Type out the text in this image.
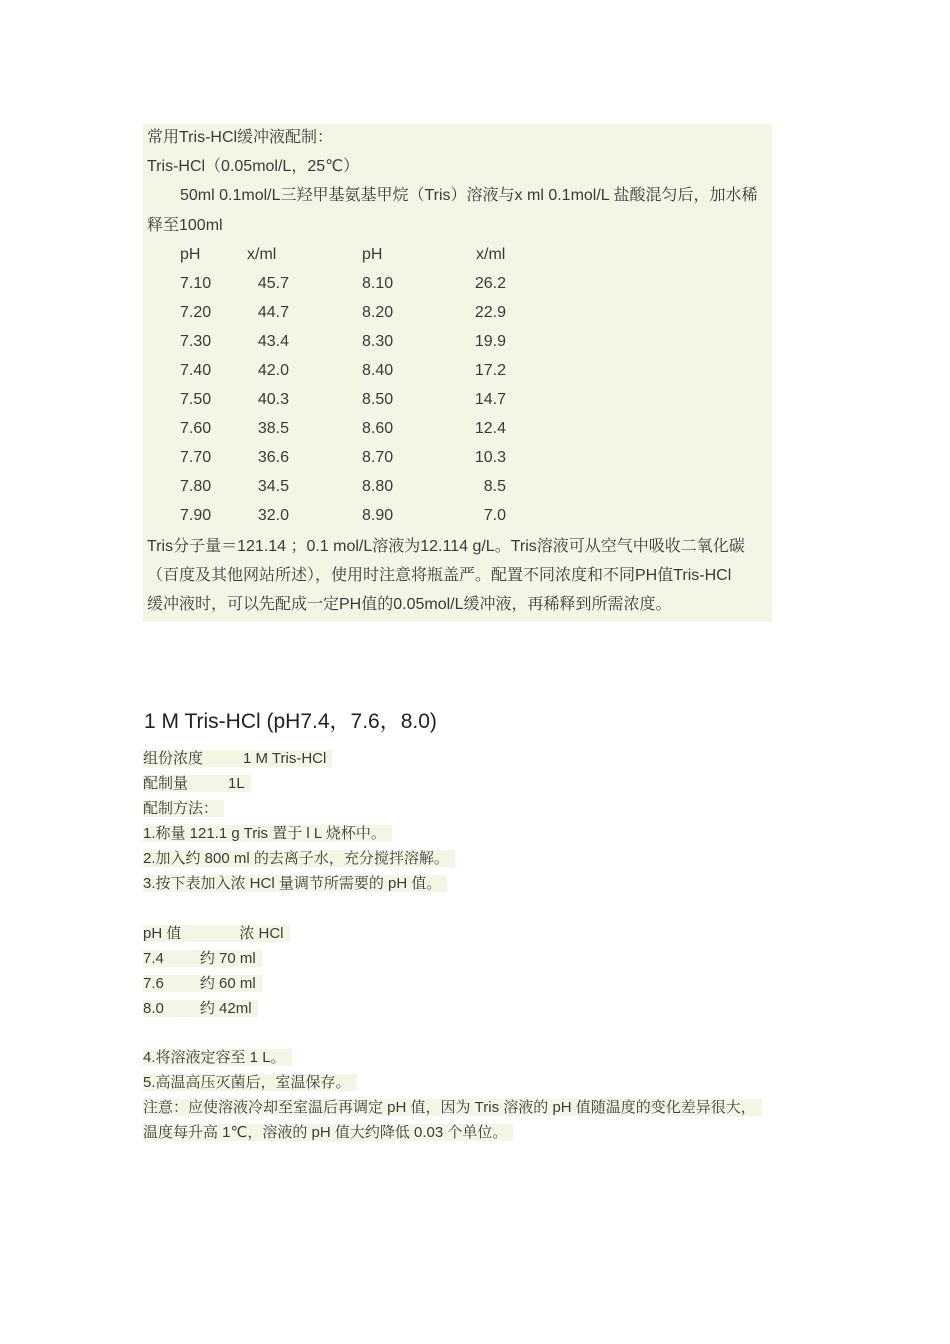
常用Tris-HCl缓冲液配制：
Tris-HCl（0.05mol/L，25℃）
50ml 0.1mol/L三羟甲基氨基甲烷（Tris）溶液与x ml 0.1mol/L 盐酸混匀后，加水稀
释至100ml
pH	x/ml	pH	x/ml
7.10	45.7	8.10	26.2
7.20	44.7	8.20	22.9
7.30	43.4	8.30	19.9
7.40	42.0	8.40	17.2
7.50	40.3	8.50	14.7
7.60	38.5	8.60	12.4
7.70	36.6	8.70	10.3
7.80	34.5	8.80	8.5
7.90	32.0	8.90	7.0
Tris分子量＝121.14 ；0.1 mol/L溶液为12.114 g/L。Tris溶液可从空气中吸收二氧化碳
（百度及其他网站所述），使用时注意将瓶盖严。配置不同浓度和不同PH值Tris-HCl
缓冲液时，可以先配成一定PH值的0.05mol/L缓冲液，再稀释到所需浓度。
1 M Tris-HCl (pH7.4，7.6，8.0)
组份浓度	1 M Tris-HCl
配制量	1L
配制方法：
1.称量 121.1 g Tris 置于 l L 烧杯中。
2.加入约 800 ml 的去离子水，充分搅拌溶解。
3.按下表加入浓 HCl 量调节所需要的 pH 值。
pH 值	浓 HCl
7.4 约 70 ml
7.6 约 60 ml
8.0 约 42ml
4.将溶液定容至 1 L。
5.高温高压灭菌后，室温保存。
注意：应使溶液冷却至室温后再调定 pH 值，因为 Tris 溶液的 pH 值随温度的变化差异很大，
温度每升高 1℃，溶液的 pH 值大约降低 0.03 个单位。
